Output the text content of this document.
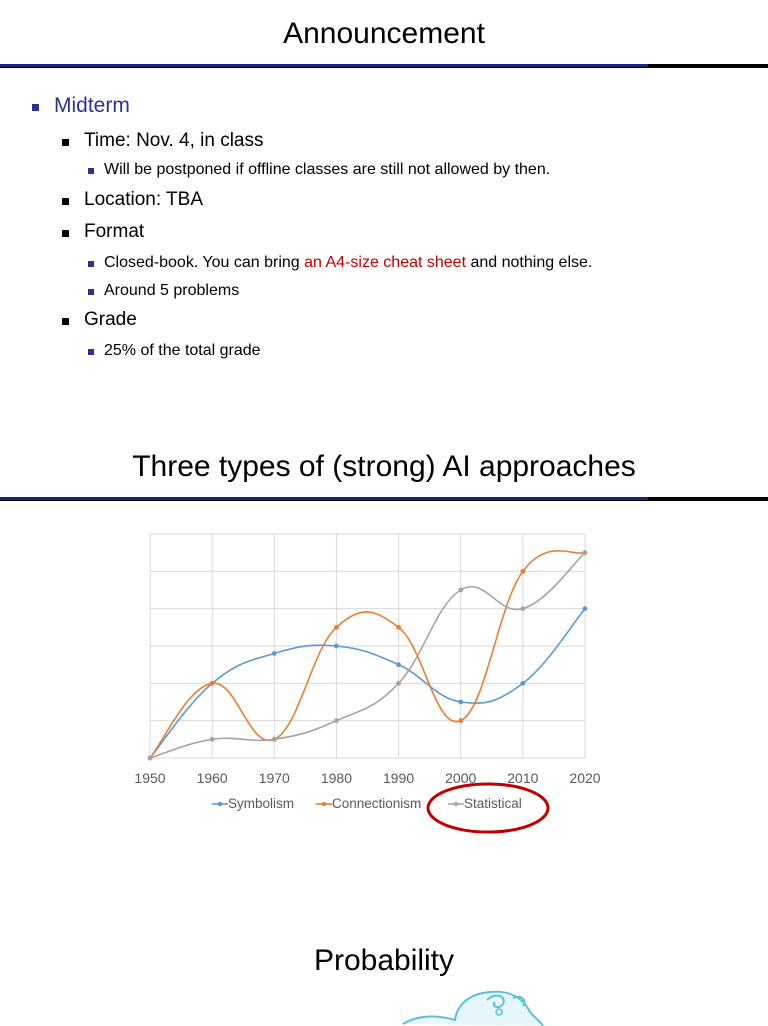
Announcement
Midterm
Time: Nov. 4, in class
Will be postponed if offline classes are still not allowed by then.
Location: TBA
Format
Closed-book. You can bring an A4-size cheat sheet and nothing else.
Around 5 problems
Grade
25% of the total grade
Three types of (strong) AI approaches
1950 1960 1970 1980 1990 2000 2010 2020
Symbolism	Connectionism	Statistical
Probability
